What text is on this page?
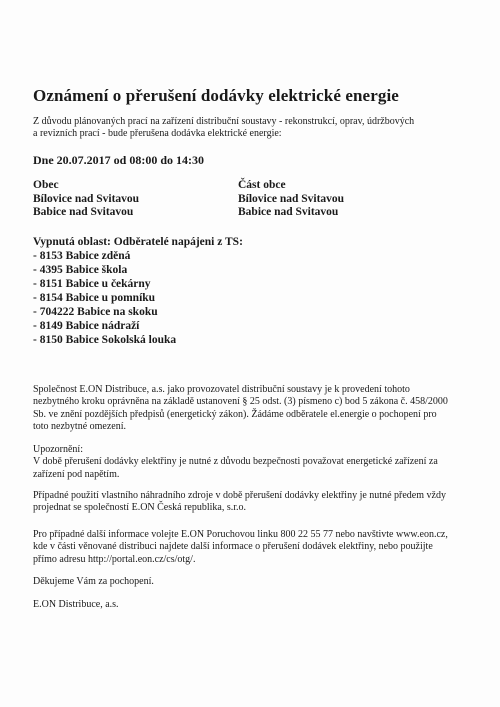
Oznámení o přerušení dodávky elektrické energie
Z důvodu plánovaných prací na zařízení distribuční soustavy - rekonstrukcí, oprav, údržbových
a revizních prací - bude přerušena dodávka elektrické energie:
Dne 20.07.2017 od 08:00 do 14:30
Obec
Bílovice nad Svitavou
Babice nad Svitavou
Část obce
Bílovice nad Svitavou
Babice nad Svitavou
Vypnutá oblast: Odběratelé napájeni z TS:
- 8153 Babice zděná
- 4395 Babice škola
- 8151 Babice u čekárny
- 8154 Babice u pomníku
- 704222 Babice na skoku
- 8149 Babice nádraží
- 8150 Babice Sokolská louka
Společnost E.ON Distribuce, a.s. jako provozovatel distribuční soustavy je k provedení tohoto
nezbytného kroku oprávněna na základě ustanovení § 25 odst. (3) písmeno c) bod 5 zákona č. 458/2000
Sb. ve znění pozdějších předpisů (energetický zákon). Žádáme odběratele el.energie o pochopení pro
toto nezbytné omezení.
Upozornění:
V době přerušení dodávky elektřiny je nutné z důvodu bezpečnosti považovat energetické zařízení za
zařízení pod napětím.
Případné použití vlastního náhradního zdroje v době přerušení dodávky elektřiny je nutné předem vždy
projednat se společností E.ON Česká republika, s.r.o.
Pro případné další informace volejte E.ON Poruchovou linku 800 22 55 77 nebo navštivte www.eon.cz,
kde v části věnované distribuci najdete další informace o přerušení dodávek elektřiny, nebo použijte
přímo adresu http://portal.eon.cz/cs/otg/.
Děkujeme Vám za pochopení.
E.ON Distribuce, a.s.
